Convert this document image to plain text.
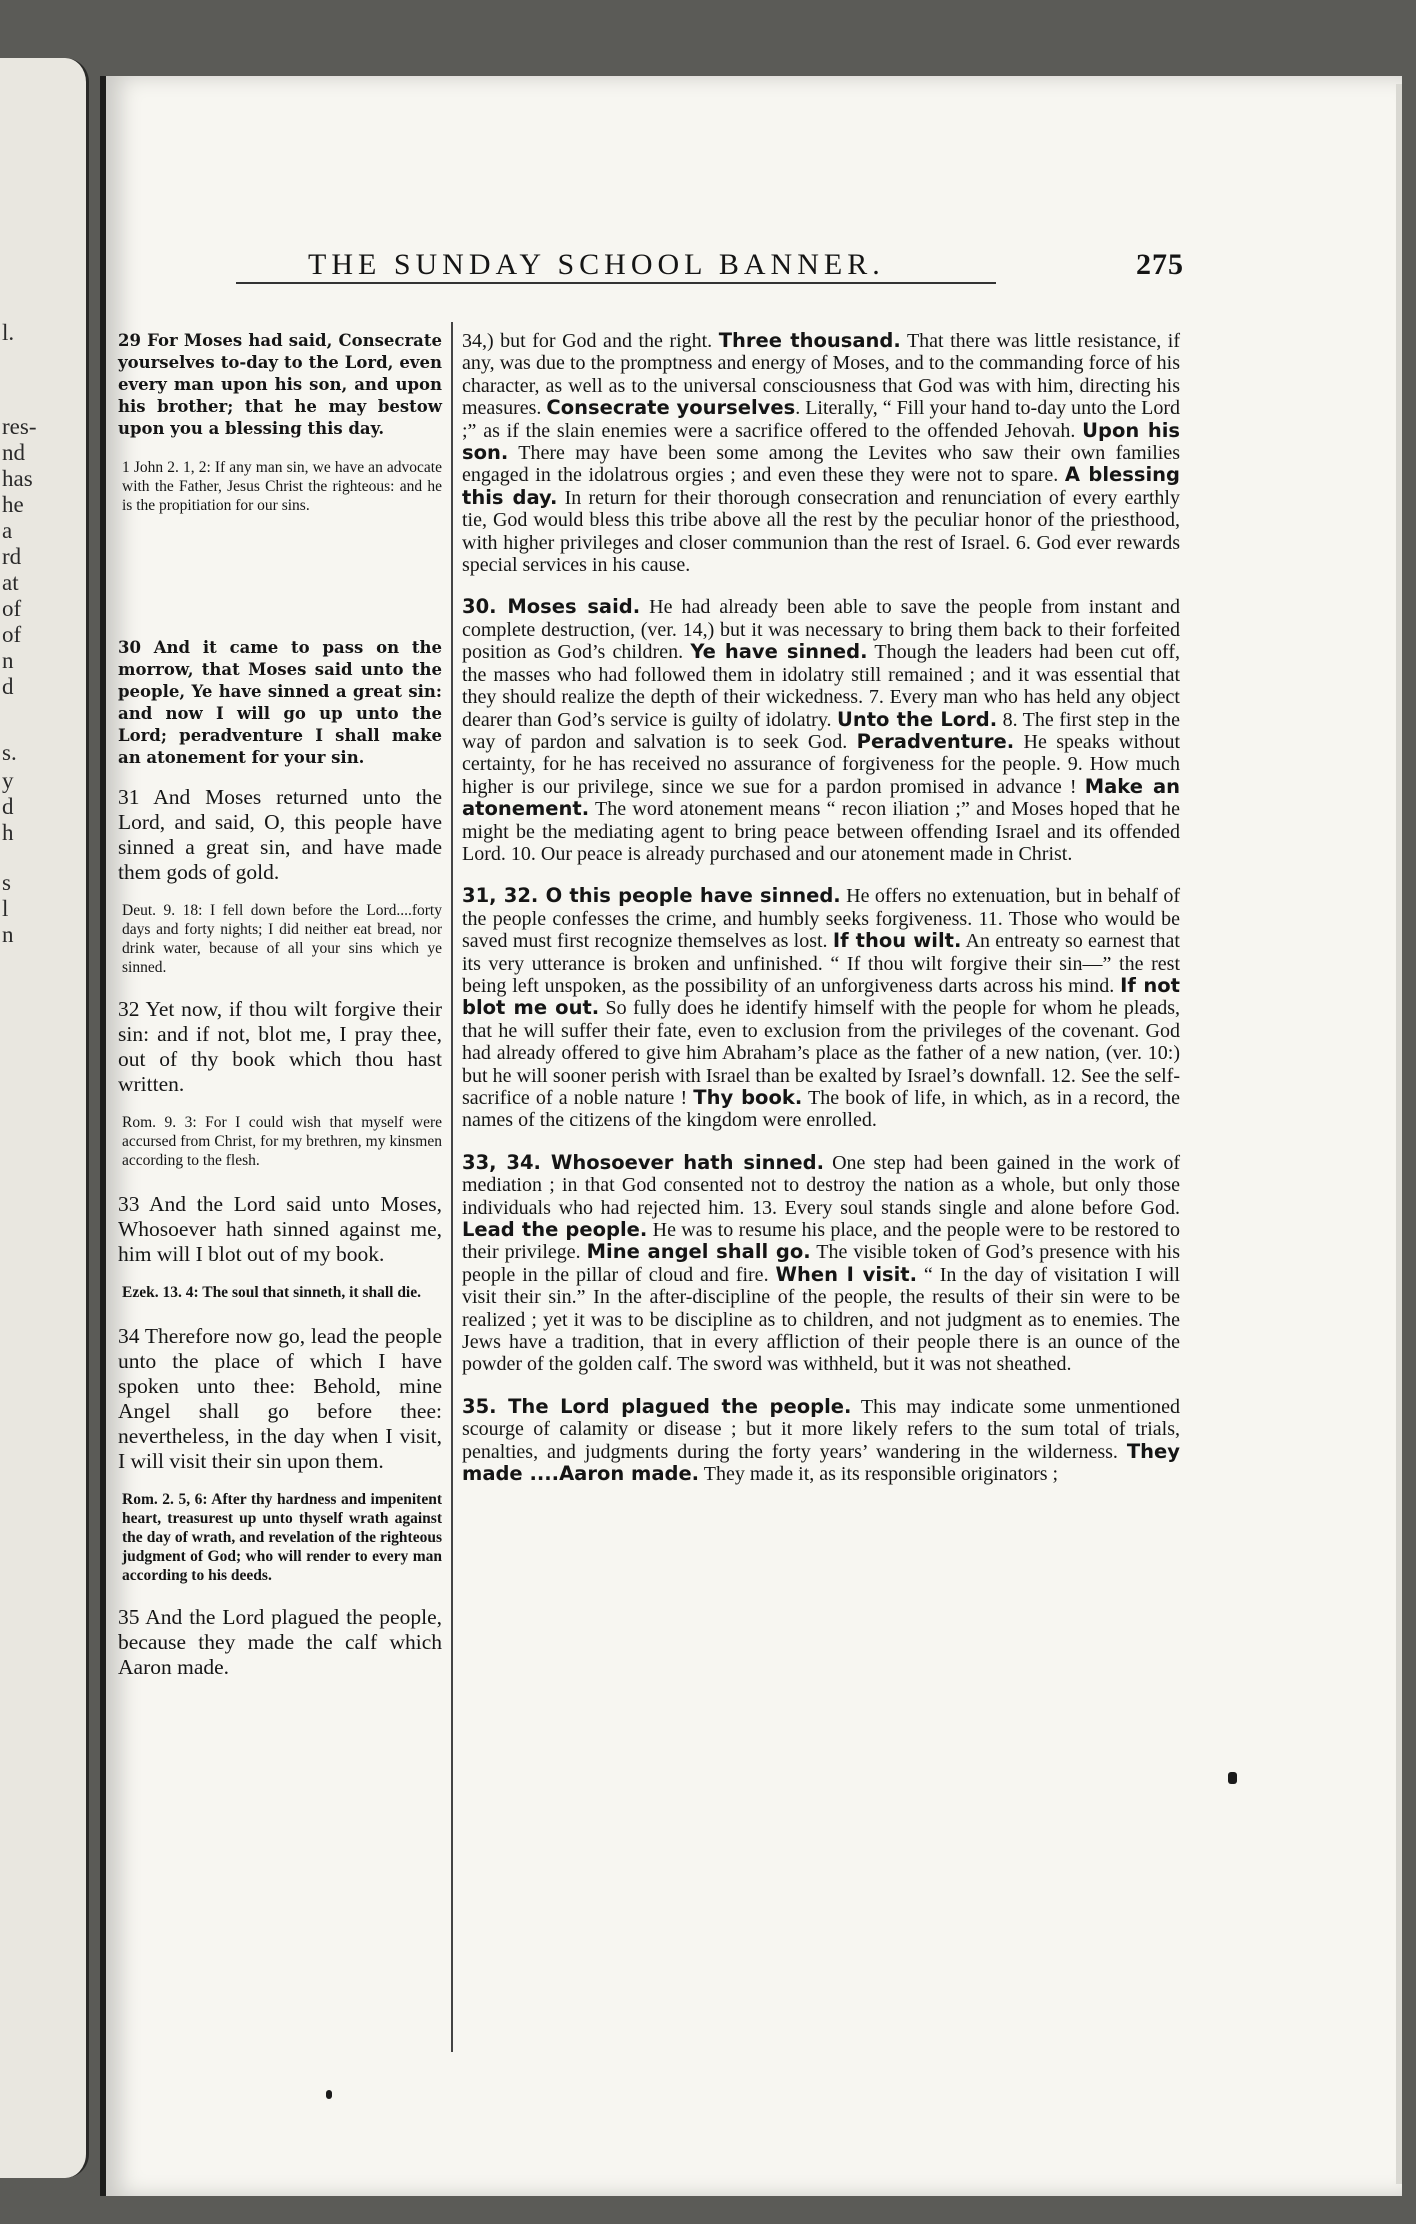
l.
res-
nd
has
he
a
rd
at
of
of
n
d
s.
y
d
h
s
l
n
THE SUNDAY SCHOOL BANNER.	275

29 For Moses had said, Consecrate yourselves to-day to the Lord, even every man upon his son, and upon his brother; that he may bestow upon you a blessing this day.

1 John 2. 1, 2: If any man sin, we have an advocate with the Father, Jesus Christ the righteous: and he is the propitiation for our sins.

30 And it came to pass on the morrow, that Moses said unto the people, Ye have sinned a great sin: and now I will go up unto the Lord; peradventure I shall make an atonement for your sin.

31 And Moses returned unto the Lord, and said, O, this people have sinned a great sin, and have made them gods of gold.

Deut. 9. 18: I fell down before the Lord....forty days and forty nights; I did neither eat bread, nor drink water, because of all your sins which ye sinned.

32 Yet now, if thou wilt forgive their sin: and if not, blot me, I pray thee, out of thy book which thou hast written.

Rom. 9. 3: For I could wish that myself were accursed from Christ, for my brethren, my kinsmen according to the flesh.

33 And the Lord said unto Moses, Whosoever hath sinned against me, him will I blot out of my book.

Ezek. 13. 4: The soul that sinneth, it shall die.

34 Therefore now go, lead the people unto the place of which I have spoken unto thee: Behold, mine Angel shall go before thee: nevertheless, in the day when I visit, I will visit their sin upon them.

Rom. 2. 5, 6: After thy hardness and impenitent heart, treasurest up unto thyself wrath against the day of wrath, and revelation of the righteous judgment of God; who will render to every man according to his deeds.

35 And the Lord plagued the people, because they made the calf which Aaron made.

34,) but for God and the right. Three thousand. That there was little resistance, if any, was due to the promptness and energy of Moses, and to the commanding force of his character, as well as to the universal consciousness that God was with him, directing his measures. Consecrate yourselves. Literally, “ Fill your hand to-day unto the Lord ;” as if the slain enemies were a sacrifice offered to the offended Jehovah. Upon his son. There may have been some among the Levites who saw their own families engaged in the idolatrous orgies ; and even these they were not to spare. A blessing this day. In return for their thorough consecration and renunciation of every earthly tie, God would bless this tribe above all the rest by the peculiar honor of the priesthood, with higher privileges and closer communion than the rest of Israel. 6. God ever rewards special services in his cause.

30. Moses said. He had already been able to save the people from instant and complete destruction, (ver. 14,) but it was necessary to bring them back to their forfeited position as God’s children. Ye have sinned. Though the leaders had been cut off, the masses who had followed them in idolatry still remained ; and it was essential that they should realize the depth of their wickedness. 7. Every man who has held any object dearer than God’s service is guilty of idolatry. Unto the Lord. 8. The first step in the way of pardon and salvation is to seek God. Peradventure. He speaks without certainty, for he has received no assurance of forgiveness for the people. 9. How much higher is our privilege, since we sue for a pardon promised in advance ! Make an atonement. The word atonement means “ recon iliation ;” and Moses hoped that he might be the mediating agent to bring peace between offending Israel and its offended Lord. 10. Our peace is already purchased and our atonement made in Christ.

31, 32. O this people have sinned. He offers no extenuation, but in behalf of the people confesses the crime, and humbly seeks forgiveness. 11. Those who would be saved must first recognize themselves as lost. If thou wilt. An entreaty so earnest that its very utterance is broken and unfinished. “ If thou wilt forgive their sin—” the rest being left unspoken, as the possibility of an unforgiveness darts across his mind. If not blot me out. So fully does he identify himself with the people for whom he pleads, that he will suffer their fate, even to exclusion from the privileges of the covenant. God had already offered to give him Abraham’s place as the father of a new nation, (ver. 10:) but he will sooner perish with Israel than be exalted by Israel’s downfall. 12. See the self-sacrifice of a noble nature ! Thy book. The book of life, in which, as in a record, the names of the citizens of the kingdom were enrolled.

33, 34. Whosoever hath sinned. One step had been gained in the work of mediation ; in that God consented not to destroy the nation as a whole, but only those individuals who had rejected him. 13. Every soul stands single and alone before God. Lead the people. He was to resume his place, and the people were to be restored to their privilege. Mine angel shall go. The visible token of God’s presence with his people in the pillar of cloud and fire. When I visit. “ In the day of visitation I will visit their sin.” In the after-discipline of the people, the results of their sin were to be realized ; yet it was to be discipline as to children, and not judgment as to enemies. The Jews have a tradition, that in every affliction of their people there is an ounce of the powder of the golden calf. The sword was withheld, but it was not sheathed.

35. The Lord plagued the people. This may indicate some unmentioned scourge of calamity or disease ; but it more likely refers to the sum total of trials, penalties, and judgments during the forty years’ wandering in the wilderness. They made ....Aaron made. They made it, as its responsible originators ;
